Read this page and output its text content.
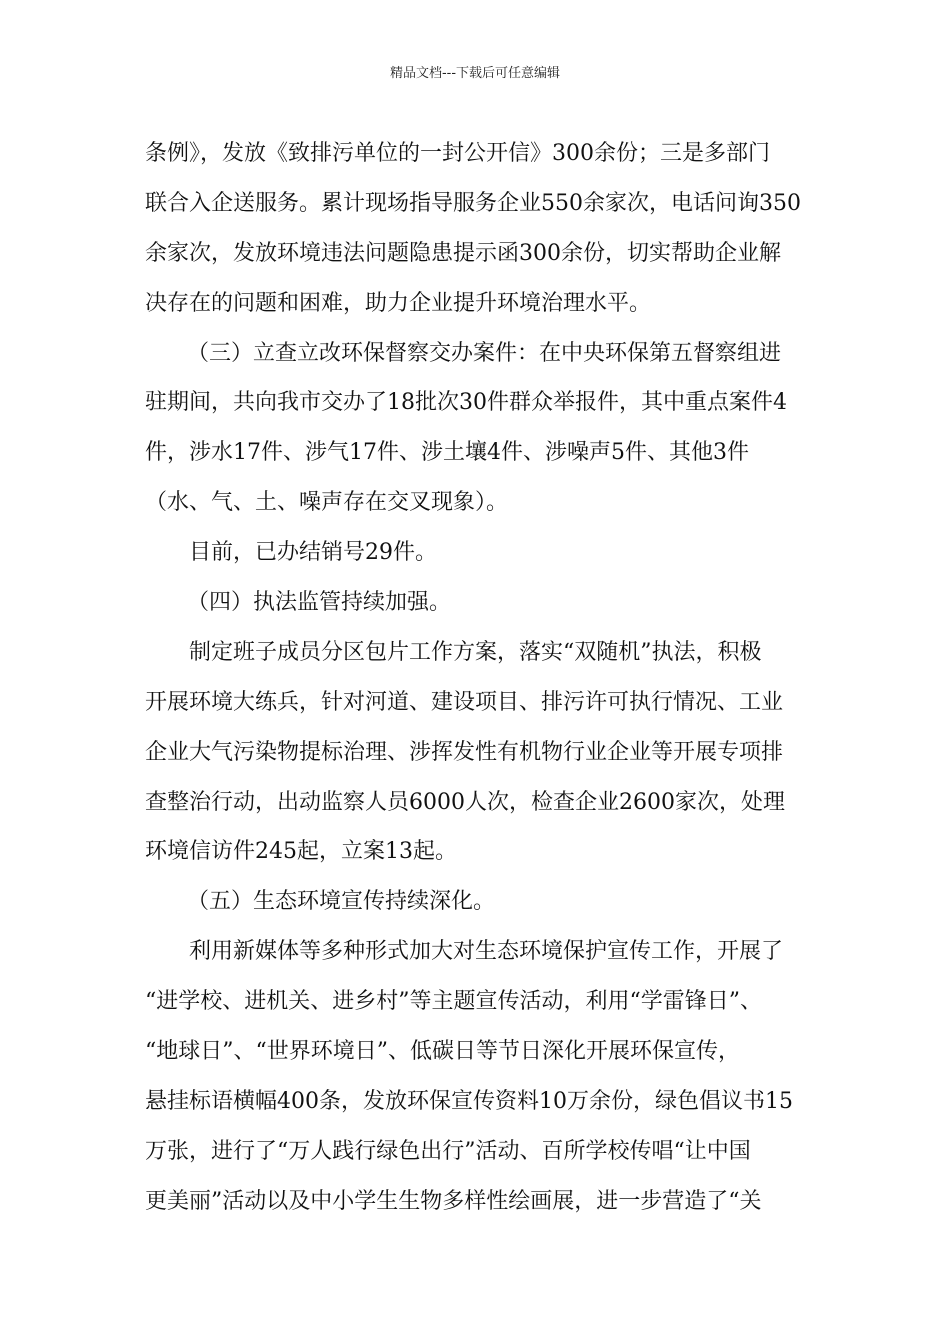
精品文档---下载后可任意编辑
条例》，发放《致排污单位的一封公开信》300余份；三是多部门
联合入企送服务。累计现场指导服务企业550余家次，电话问询350
余家次，发放环境违法问题隐患提示函300余份，切实帮助企业解
决存在的问题和困难，助力企业提升环境治理水平。
（三）立查立改环保督察交办案件：在中央环保第五督察组进
驻期间，共向我市交办了18批次30件群众举报件，其中重点案件4
件，涉水17件、涉气17件、涉土壤4件、涉噪声5件、其他3件
（水、气、土、噪声存在交叉现象）。
目前，已办结销号29件。
（四）执法监管持续加强。
制定班子成员分区包片工作方案，落实“双随机”执法，积极
开展环境大练兵，针对河道、建设项目、排污许可执行情况、工业
企业大气污染物提标治理、涉挥发性有机物行业企业等开展专项排
查整治行动，出动监察人员6000人次，检查企业2600家次，处理
环境信访件245起，立案13起。
（五）生态环境宣传持续深化。
利用新媒体等多种形式加大对生态环境保护宣传工作，开展了
“进学校、进机关、进乡村”等主题宣传活动，利用“学雷锋日”、
“地球日”、“世界环境日”、低碳日等节日深化开展环保宣传，
悬挂标语横幅400条，发放环保宣传资料10万余份，绿色倡议书15
万张，进行了“万人践行绿色出行”活动、百所学校传唱“让中国
更美丽”活动以及中小学生生物多样性绘画展，进一步营造了“关
